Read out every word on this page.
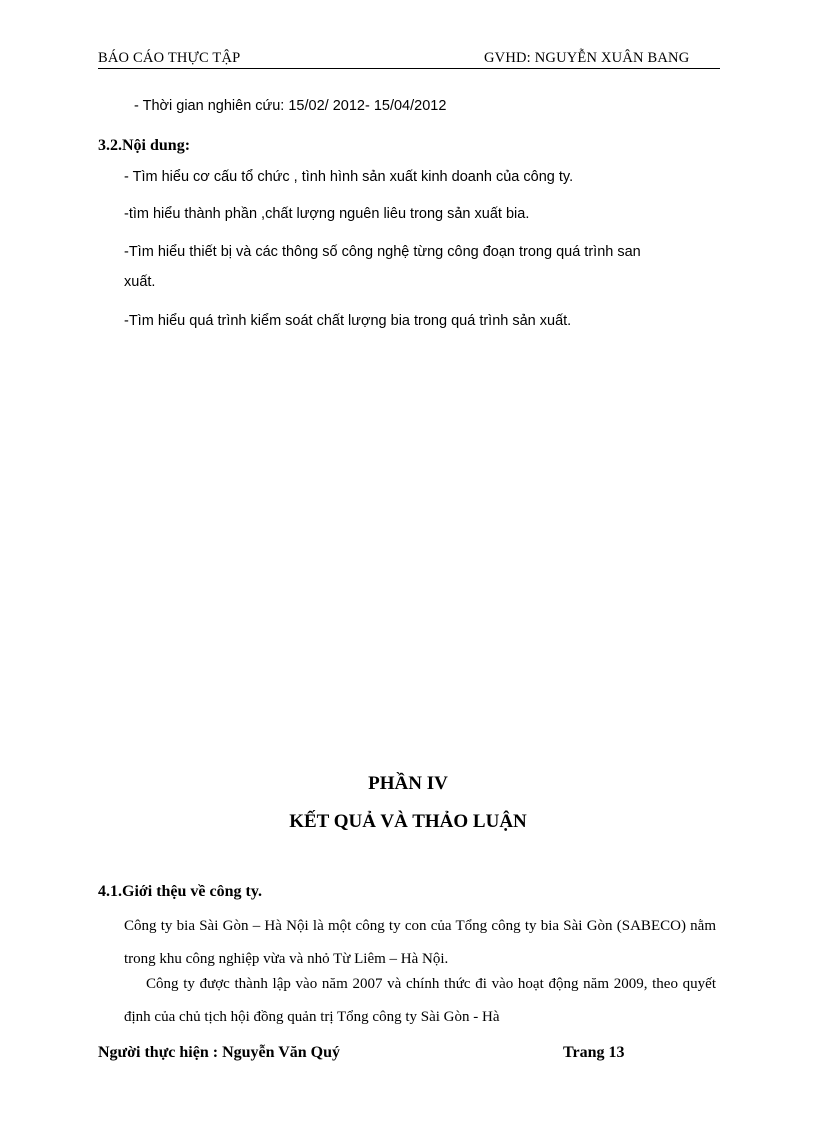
BÁO CÁO THỰC TẬP	GVHD: NGUYỄN XUÂN BANG
- Thời gian nghiên cứu: 15/02/ 2012- 15/04/2012
3.2.Nội dung:
- Tìm hiểu cơ cấu tổ chức , tình hình sản xuất kinh doanh của công ty.
-tìm hiểu thành phần ,chất lượng nguên liêu trong sản xuất bia.
-Tìm hiểu thiết bị và các thông số công nghệ từng công đoạn trong quá trình san
xuất.
-Tìm hiểu quá trình kiểm soát chất lượng bia trong quá trình sản xuất.
PHẦN IV
KẾT QUẢ VÀ THẢO LUẬN
4.1.Giới thệu về công ty.
Công ty bia Sài Gòn – Hà Nội là một công ty con của Tổng công ty bia Sài Gòn (SABECO) nằm trong khu công nghiệp vừa và nhỏ Từ Liêm – Hà Nội.
Công ty được thành lập vào năm 2007 và chính thức đi vào hoạt động năm 2009, theo quyết định của chủ tịch hội đồng quản trị Tổng công ty Sài Gòn - Hà
Người thực hiện : Nguyễn Văn Quý	Trang 13
